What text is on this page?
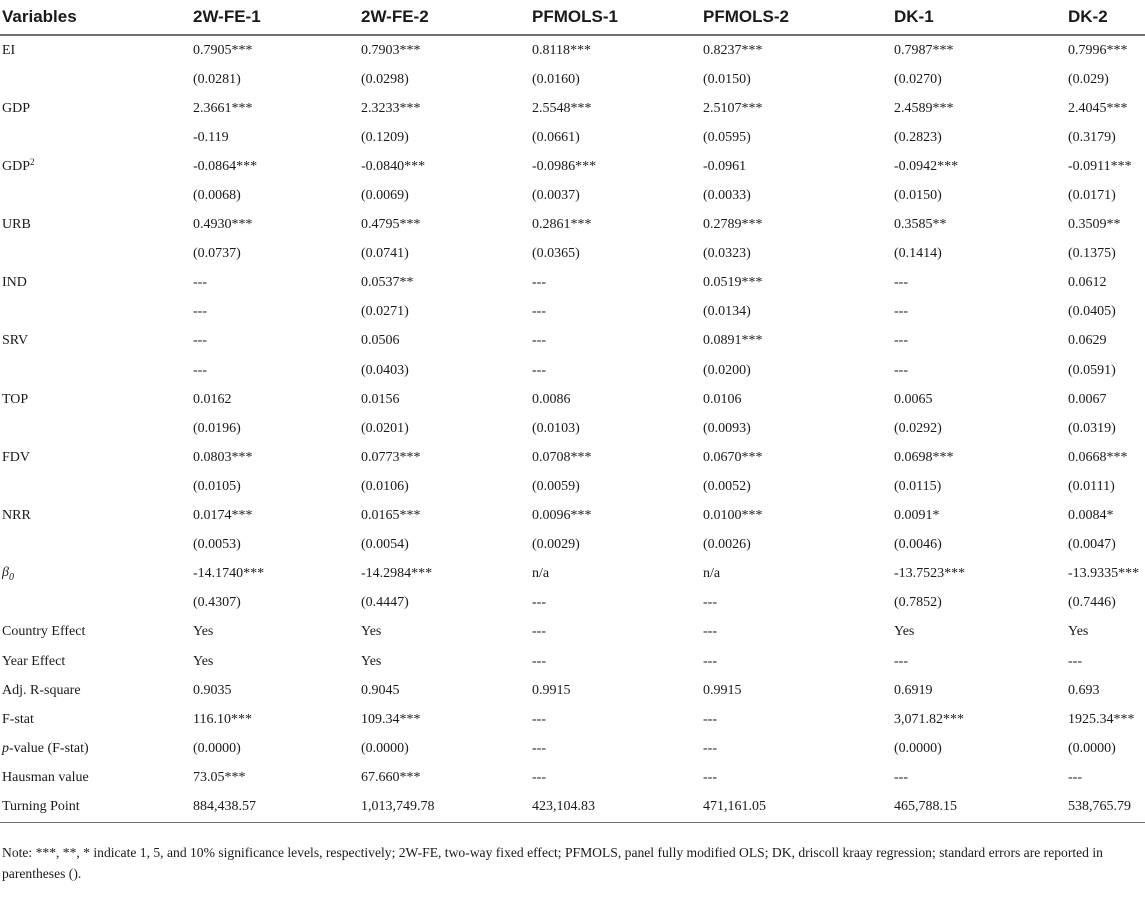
Variables	2W-FE-1	2W-FE-2	PFMOLS-1	PFMOLS-2	DK-1	DK-2
EI	0.7905***	0.7903***	0.8118***	0.8237***	0.7987***	0.7996***
	(0.0281)	(0.0298)	(0.0160)	(0.0150)	(0.0270)	(0.029)
GDP	2.3661***	2.3233***	2.5548***	2.5107***	2.4589***	2.4045***
	-0.119	(0.1209)	(0.0661)	(0.0595)	(0.2823)	(0.3179)
GDP$^2$	-0.0864***	-0.0840***	-0.0986***	-0.0961	-0.0942***	-0.0911***
	(0.0068)	(0.0069)	(0.0037)	(0.0033)	(0.0150)	(0.0171)
URB	0.4930***	0.4795***	0.2861***	0.2789***	0.3585**	0.3509**
	(0.0737)	(0.0741)	(0.0365)	(0.0323)	(0.1414)	(0.1375)
IND	---	0.0537**	---	0.0519***	---	0.0612
	---	(0.0271)	---	(0.0134)	---	(0.0405)
SRV	---	0.0506	---	0.0891***	---	0.0629
	---	(0.0403)	---	(0.0200)	---	(0.0591)
TOP	0.0162	0.0156	0.0086	0.0106	0.0065	0.0067
	(0.0196)	(0.0201)	(0.0103)	(0.0093)	(0.0292)	(0.0319)
FDV	0.0803***	0.0773***	0.0708***	0.0670***	0.0698***	0.0668***
	(0.0105)	(0.0106)	(0.0059)	(0.0052)	(0.0115)	(0.0111)
NRR	0.0174***	0.0165***	0.0096***	0.0100***	0.0091*	0.0084*
	(0.0053)	(0.0054)	(0.0029)	(0.0026)	(0.0046)	(0.0047)
$\beta_0$	-14.1740***	-14.2984***	n/a	n/a	-13.7523***	-13.9335***
	(0.4307)	(0.4447)	---	---	(0.7852)	(0.7446)
Country Effect	Yes	Yes	---	---	Yes	Yes
Year Effect	Yes	Yes	---	---	---	---
Adj. R-square	0.9035	0.9045	0.9915	0.9915	0.6919	0.693
F-stat	116.10***	109.34***	---	---	3,071.82***	1925.34***
p-value (F-stat)	(0.0000)	(0.0000)	---	---	(0.0000)	(0.0000)
Hausman value	73.05***	67.660***	---	---	---	---
Turning Point	884,438.57	1,013,749.78	423,104.83	471,161.05	465,788.15	538,765.79
Note: ***, **, * indicate 1, 5, and 10% significance levels, respectively; 2W-FE, two-way fixed effect; PFMOLS, panel fully modified OLS; DK, driscoll kraay regression; standard errors are reported in parentheses ().
